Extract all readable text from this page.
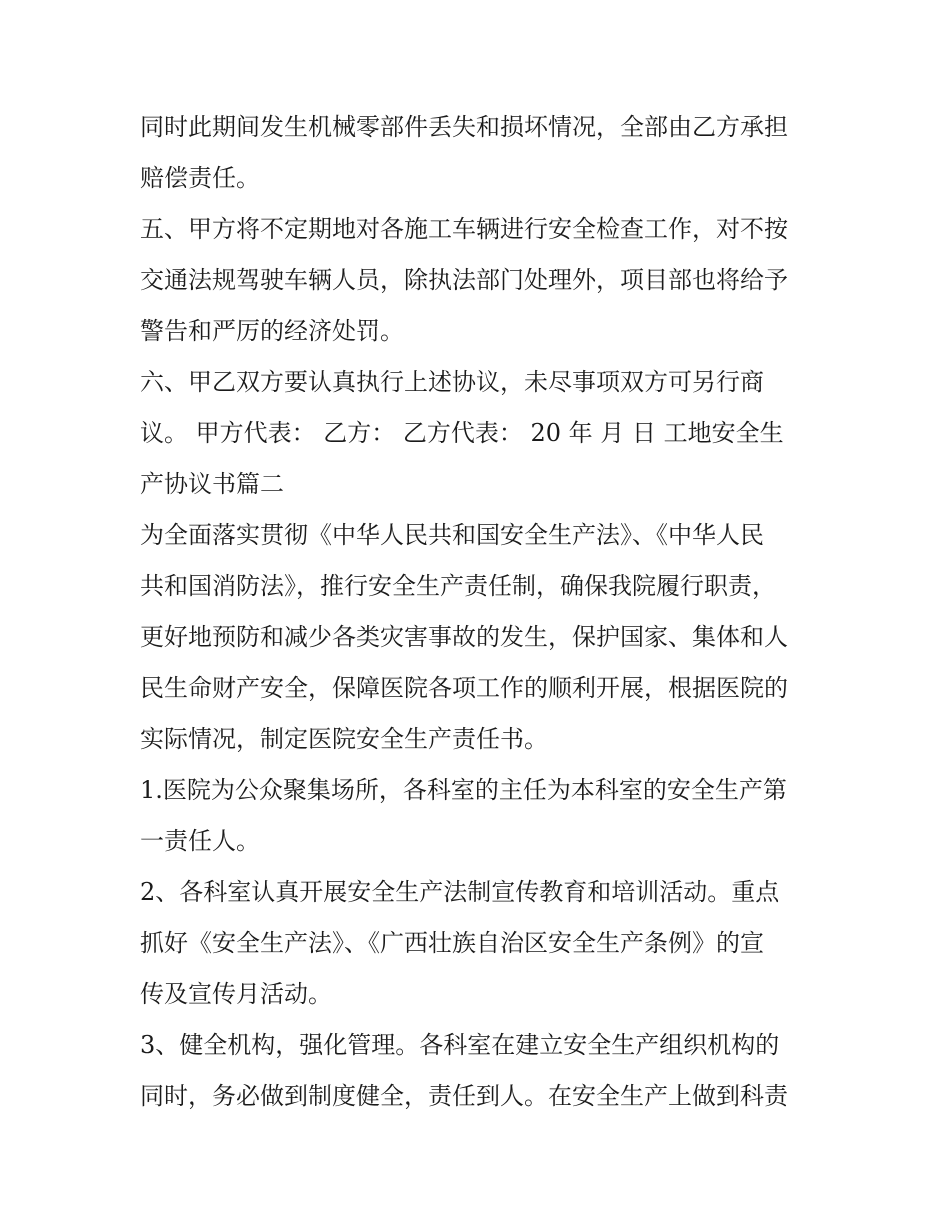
同时此期间发生机械零部件丢失和损坏情况，全部由乙方承担
赔偿责任。
五、甲方将不定期地对各施工车辆进行安全检查工作，对不按
交通法规驾驶车辆人员，除执法部门处理外，项目部也将给予
警告和严厉的经济处罚。
六、甲乙双方要认真执行上述协议，未尽事项双方可另行商
议。 甲方代表： 乙方： 乙方代表： 20 年 月 日 工地安全生
产协议书篇二
为全面落实贯彻《中华人民共和国安全生产法》、《中华人民
共和国消防法》，推行安全生产责任制，确保我院履行职责，
更好地预防和减少各类灾害事故的发生，保护国家、集体和人
民生命财产安全，保障医院各项工作的顺利开展，根据医院的
实际情况，制定医院安全生产责任书。
1.医院为公众聚集场所，各科室的主任为本科室的安全生产第
一责任人。
2、各科室认真开展安全生产法制宣传教育和培训活动。重点
抓好《安全生产法》、《广西壮族自治区安全生产条例》的宣
传及宣传月活动。
3、健全机构，强化管理。各科室在建立安全生产组织机构的
同时，务必做到制度健全，责任到人。在安全生产上做到科责
